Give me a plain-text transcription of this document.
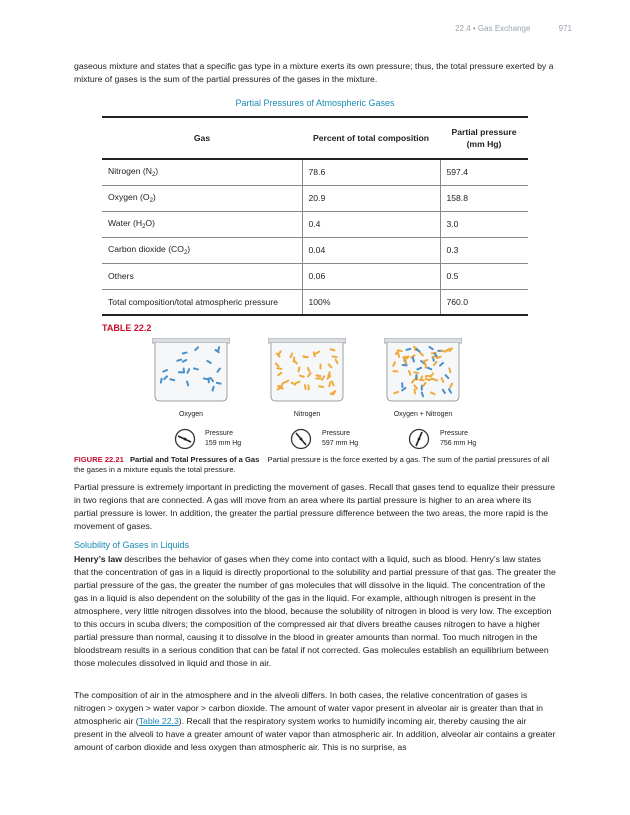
22.4 • Gas Exchange	971

gaseous mixture and states that a specific gas type in a mixture exerts its own pressure; thus, the total pressure exerted by a mixture of gases is the sum of the partial pressures of the gases in the mixture.

Partial Pressures of Atmospheric Gases
Gas	Percent of total composition	Partial pressure
(mm Hg)
Nitrogen $(N_2)$	78.6	597.4
Oxygen $(O_2)$	20.9	158.8
Water $(H_2O)$	0.4	3.0
Carbon dioxide $(CO_2)$	0.04	0.3
Others	0.06	0.5
Total composition/total atmospheric pressure	100%	760.0
TABLE 22.2
Oxygen	Nitrogen	Oxygen + Nitrogen
Pressure
159 mm Hg
Pressure
597 mm Hg
Pressure
756 mm Hg

FIGURE 22.21 Partial and Total Pressures of a Gas Partial pressure is the force exerted by a gas. The sum of the partial pressures of all the gases in a mixture equals the total pressure.

Partial pressure is extremely important in predicting the movement of gases. Recall that gases tend to equalize their pressure in two regions that are connected. A gas will move from an area where its partial pressure is higher to an area where its partial pressure is lower. In addition, the greater the partial pressure difference between the two areas, the more rapid is the movement of gases.

Solubility of Gases in Liquids

Henry’s law describes the behavior of gases when they come into contact with a liquid, such as blood. Henry’s law states that the concentration of gas in a liquid is directly proportional to the solubility and partial pressure of that gas. The greater the partial pressure of the gas, the greater the number of gas molecules that will dissolve in the liquid. The concentration of the gas in a liquid is also dependent on the solubility of the gas in the liquid. For example, although nitrogen is present in the atmosphere, very little nitrogen dissolves into the blood, because the solubility of nitrogen in blood is very low. The exception to this occurs in scuba divers; the composition of the compressed air that divers breathe causes nitrogen to have a higher partial pressure than normal, causing it to dissolve in the blood in greater amounts than normal. Too much nitrogen in the bloodstream results in a serious condition that can be fatal if not corrected. Gas molecules establish an equilibrium between those molecules dissolved in liquid and those in air.

The composition of air in the atmosphere and in the alveoli differs. In both cases, the relative concentration of gases is nitrogen > oxygen > water vapor > carbon dioxide. The amount of water vapor present in alveolar air is greater than that in atmospheric air (Table 22.3). Recall that the respiratory system works to humidify incoming air, thereby causing the air present in the alveoli to have a greater amount of water vapor than atmospheric air. In addition, alveolar air contains a greater amount of carbon dioxide and less oxygen than atmospheric air. This is no surprise, as
